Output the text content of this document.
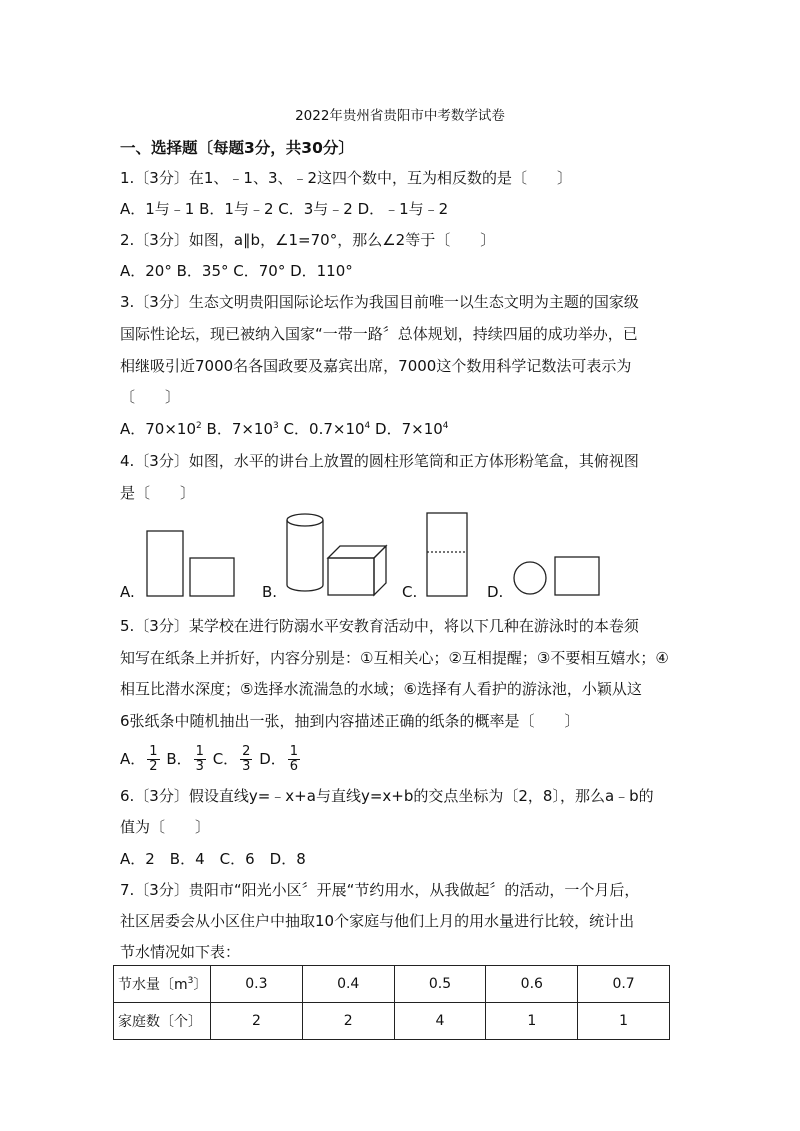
2022年贵州省贵阳市中考数学试卷
一、选择题〔每题3分，共30分〕
1.〔3分〕在1、﹣1、3、﹣2这四个数中，互为相反数的是〔　　〕
A．1与﹣1 B．1与﹣2 C．3与﹣2 D．﹣1与﹣2
2.〔3分〕如图，a∥b，∠1=70°，那么∠2等于〔　　〕
A．20° B．35° C．70° D．110°
3.〔3分〕生态文明贵阳国际论坛作为我国目前唯一以生态文明为主题的国家级
国际性论坛，现已被纳入国家“一带一路〞总体规划，持续四届的成功举办，已
相继吸引近7000名各国政要及嘉宾出席，7000这个数用科学记数法可表示为
〔　　〕
A．$70\times 10^2$ B．$7\times 10^3$ C．$0.7\times 10^4$ D．$7\times 10^4$
4.〔3分〕如图，水平的讲台上放置的圆柱形笔筒和正方体形粉笔盒，其俯视图
是〔　　〕
A.	B.	C.	D.
5.〔3分〕某学校在进行防溺水平安教育活动中，将以下几种在游泳时的本卷须
知写在纸条上并折好，内容分别是：①互相关心；②互相提醒；③不要相互嬉水；④
相互比潜水深度；⑤选择水流湍急的水域；⑥选择有人看护的游泳池，小颖从这
6张纸条中随机抽出一张，抽到内容描述正确的纸条的概率是〔　　〕
A． $\frac{1}{2}$ B． $\frac{1}{3}$ C． $\frac{2}{3}$ D． $\frac{1}{6}$
6.〔3分〕假设直线y=﹣x+a与直线y=x+b的交点坐标为〔2，8〕，那么a﹣b的
值为〔　　〕
A．2　B．4　C．6　D．8
7.〔3分〕贵阳市“阳光小区〞开展“节约用水，从我做起〞的活动，一个月后，
社区居委会从小区住户中抽取10个家庭与他们上月的用水量进行比较，统计出
节水量〔$m^3$〕	0.3	0.4	0.5	0.6	0.7
家庭数〔个〕	2	2	4	1	1
节水情况如下表：
